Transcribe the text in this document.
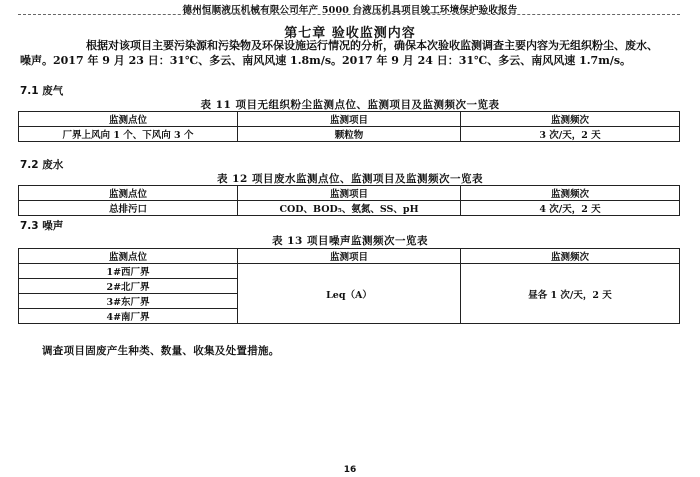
德州恒顺液压机械有限公司年产 5000 台液压机具项目竣工环境保护验收报告
第七章 验收监测内容
根据对该项目主要污染源和污染物及环保设施运行情况的分析，确保本次验收监测调查主要内容为无组织粉尘、废水、噪声。2017 年 9 月 23 日：31℃、多云、南风风速 1.8m/s。2017 年 9 月 24 日：31℃、多云、南风风速 1.7m/s。
7.1 废气
表 11 项目无组织粉尘监测点位、监测项目及监测频次一览表
监测点位	监测项目	监测频次
厂界上风向 1 个、下风向 3 个	颗粒物	3 次/天，2 天
7.2 废水
表 12 项目废水监测点位、监测项目及监测频次一览表
监测点位	监测项目	监测频次
总排污口	COD、BOD₅、氨氮、SS、pH	4 次/天，2 天
7.3 噪声
表 13 项目噪声监测频次一览表
监测点位	监测项目	监测频次
1#西厂界	Leq（A）	昼各 1 次/天，2 天
2#北厂界		
3#东厂界		
4#南厂界		
调查项目固废产生种类、数量、收集及处置措施。
16
